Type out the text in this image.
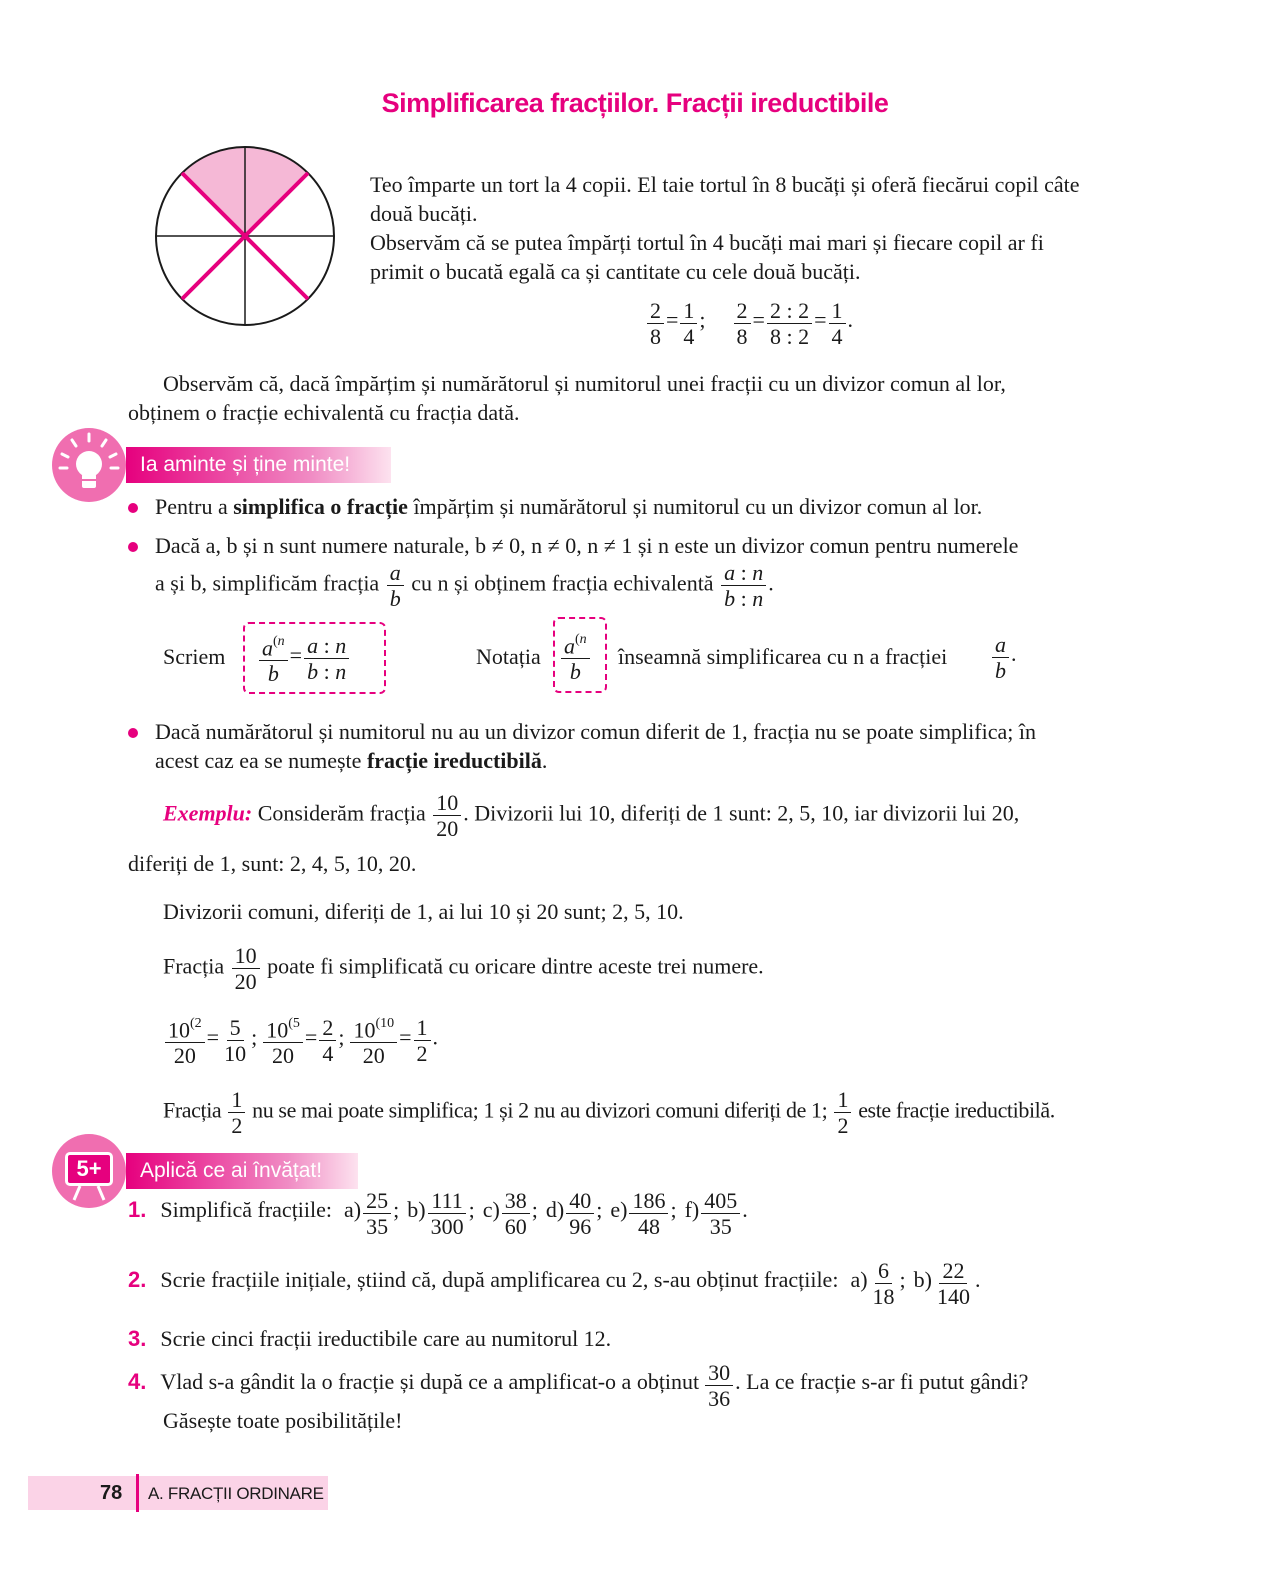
Simplificarea fracțiilor. Fracții ireductibile
Teo împarte un tort la 4 copii. El taie tortul în 8 bucăți și oferă fiecărui copil câte
două bucăți.
Observăm că se putea împărți tortul în 4 bucăți mai mari și fiecare copil ar fi
primit o bucată egală ca și cantitate cu cele două bucăți.
$\frac{2}{8} = \frac{1}{4}$ ; $\frac{2}{8} = \frac{2 : 2}{8 : 2} = \frac{1}{4}$ .
Observăm că, dacă împărțim și numărătorul și numitorul unei fracții cu un divizor comun al lor,
obținem o fracție echivalentă cu fracția dată.
Ia aminte și ține minte!
Pentru a simplifica o fracție împărțim și numărătorul și numitorul cu un divizor comun al lor.
Dacă a, b și n sunt numere naturale, b ≠ 0, n ≠ 0, n ≠ 1 și n este un divizor comun pentru numerele
a și b, simplificăm fracția $\frac{a}{b}$ cu n și obținem fracția echivalentă $\frac{a : n}{b : n}$ .
Scriem $\frac{a^{(n}}{b} = \frac{a : n}{b : n}$	Notația $\frac{a^{(n}}{b}$ înseamnă simplificarea cu n a fracției $\frac{a}{b}$ .
Dacă numărătorul și numitorul nu au un divizor comun diferit de 1, fracția nu se poate simplifica; în
acest caz ea se numește fracție ireductibilă.
Exemplu: Considerăm fracția $\frac{10}{20}$ . Divizorii lui 10, diferiți de 1 sunt: 2, 5, 10, iar divizorii lui 20,
diferiți de 1, sunt: 2, 4, 5, 10, 20.
Divizorii comuni, diferiți de 1, ai lui 10 și 20 sunt; 2, 5, 10.
Fracția $\frac{10}{20}$ poate fi simplificată cu oricare dintre aceste trei numere.
$\frac{10^{(2}}{20} = \frac{5}{10}$ ; $\frac{10^{(5}}{20} = \frac{2}{4}$ ; $\frac{10^{(10}}{20} = \frac{1}{2}$ .
Fracția $\frac{1}{2}$ nu se mai poate simplifica; 1 și 2 nu au divizori comuni diferiți de 1; $\frac{1}{2}$ este fracție ireductibilă.
5+	Aplică ce ai învățat!
1. Simplifică fracțiile: $a) \frac{25}{35}$ ; $b) \frac{111}{300}$ ; $c) \frac{38}{60}$ ; $d) \frac{40}{96}$ ; $e) \frac{186}{48}$ ; $f) \frac{405}{35}$ .
2. Scrie fracțiile inițiale, știind că, după amplificarea cu 2, s-au obținut fracțiile: $a) \frac{6}{18}$ ; $b) \frac{22}{140}$ .
3. Scrie cinci fracții ireductibile care au numitorul 12.
4. Vlad s-a gândit la o fracție și după ce a amplificat-o a obținut $\frac{30}{36}$ . La ce fracție s-ar fi putut gândi?
Găsește toate posibilitățile!
78 A. FRACȚII ORDINARE
